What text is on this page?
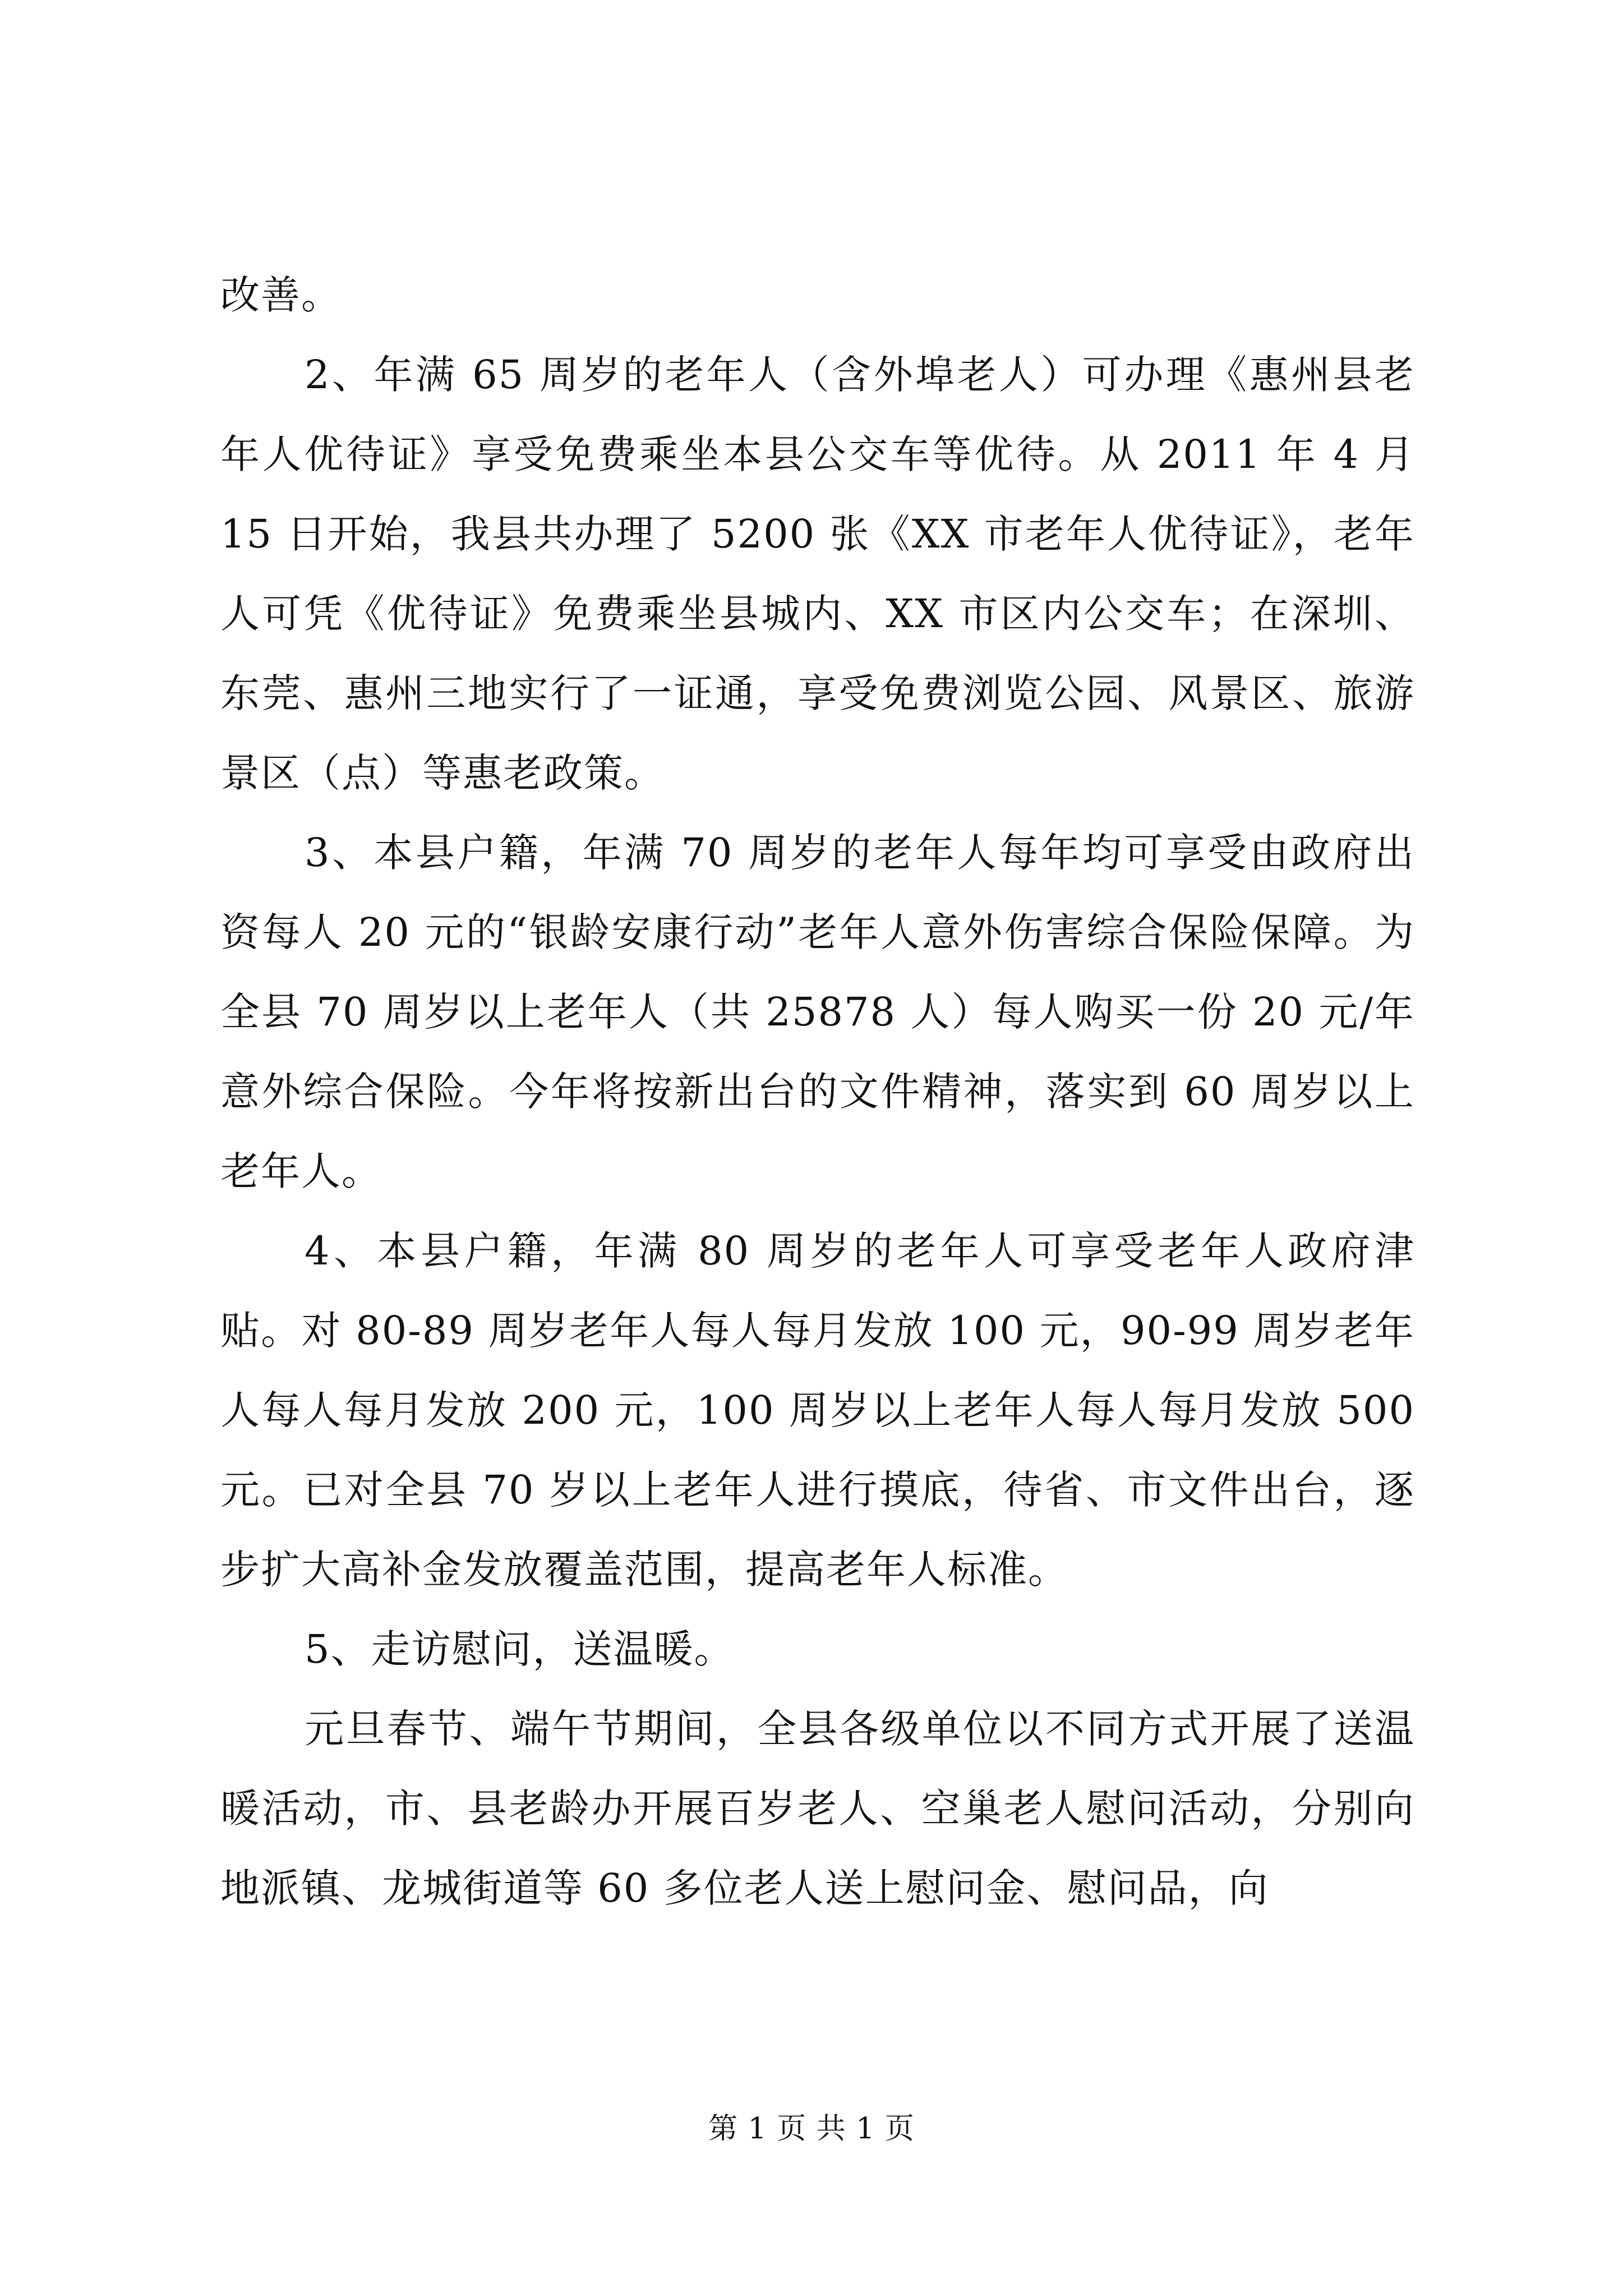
改善。

2、年满 65 周岁的老年人（含外埠老人）可办理《惠州县老年人优待证》享受免费乘坐本县公交车等优待。从 2011 年 4 月 15 日开始，我县共办理了 5200 张《XX 市老年人优待证》，老年人可凭《优待证》免费乘坐县城内、XX 市区内公交车；在深圳、东莞、惠州三地实行了一证通，享受免费浏览公园、风景区、旅游景区（点）等惠老政策。

3、本县户籍，年满 70 周岁的老年人每年均可享受由政府出资每人 20 元的“银龄安康行动”老年人意外伤害综合保险保障。为全县 70 周岁以上老年人（共 25878 人）每人购买一份 20 元/年意外综合保险。今年将按新出台的文件精神，落实到 60 周岁以上老年人。

4、本县户籍，年满 80 周岁的老年人可享受老年人政府津贴。对 80-89 周岁老年人每人每月发放 100 元，90-99 周岁老年人每人每月发放 200 元，100 周岁以上老年人每人每月发放 500 元。已对全县 70 岁以上老年人进行摸底，待省、市文件出台，逐步扩大高补金发放覆盖范围，提高老年人标准。

5、走访慰问，送温暖。

元旦春节、端午节期间，全县各级单位以不同方式开展了送温暖活动，市、县老龄办开展百岁老人、空巢老人慰问活动，分别向地派镇、龙城街道等 60 多位老人送上慰问金、慰问品，向

第 1 页 共 1 页
